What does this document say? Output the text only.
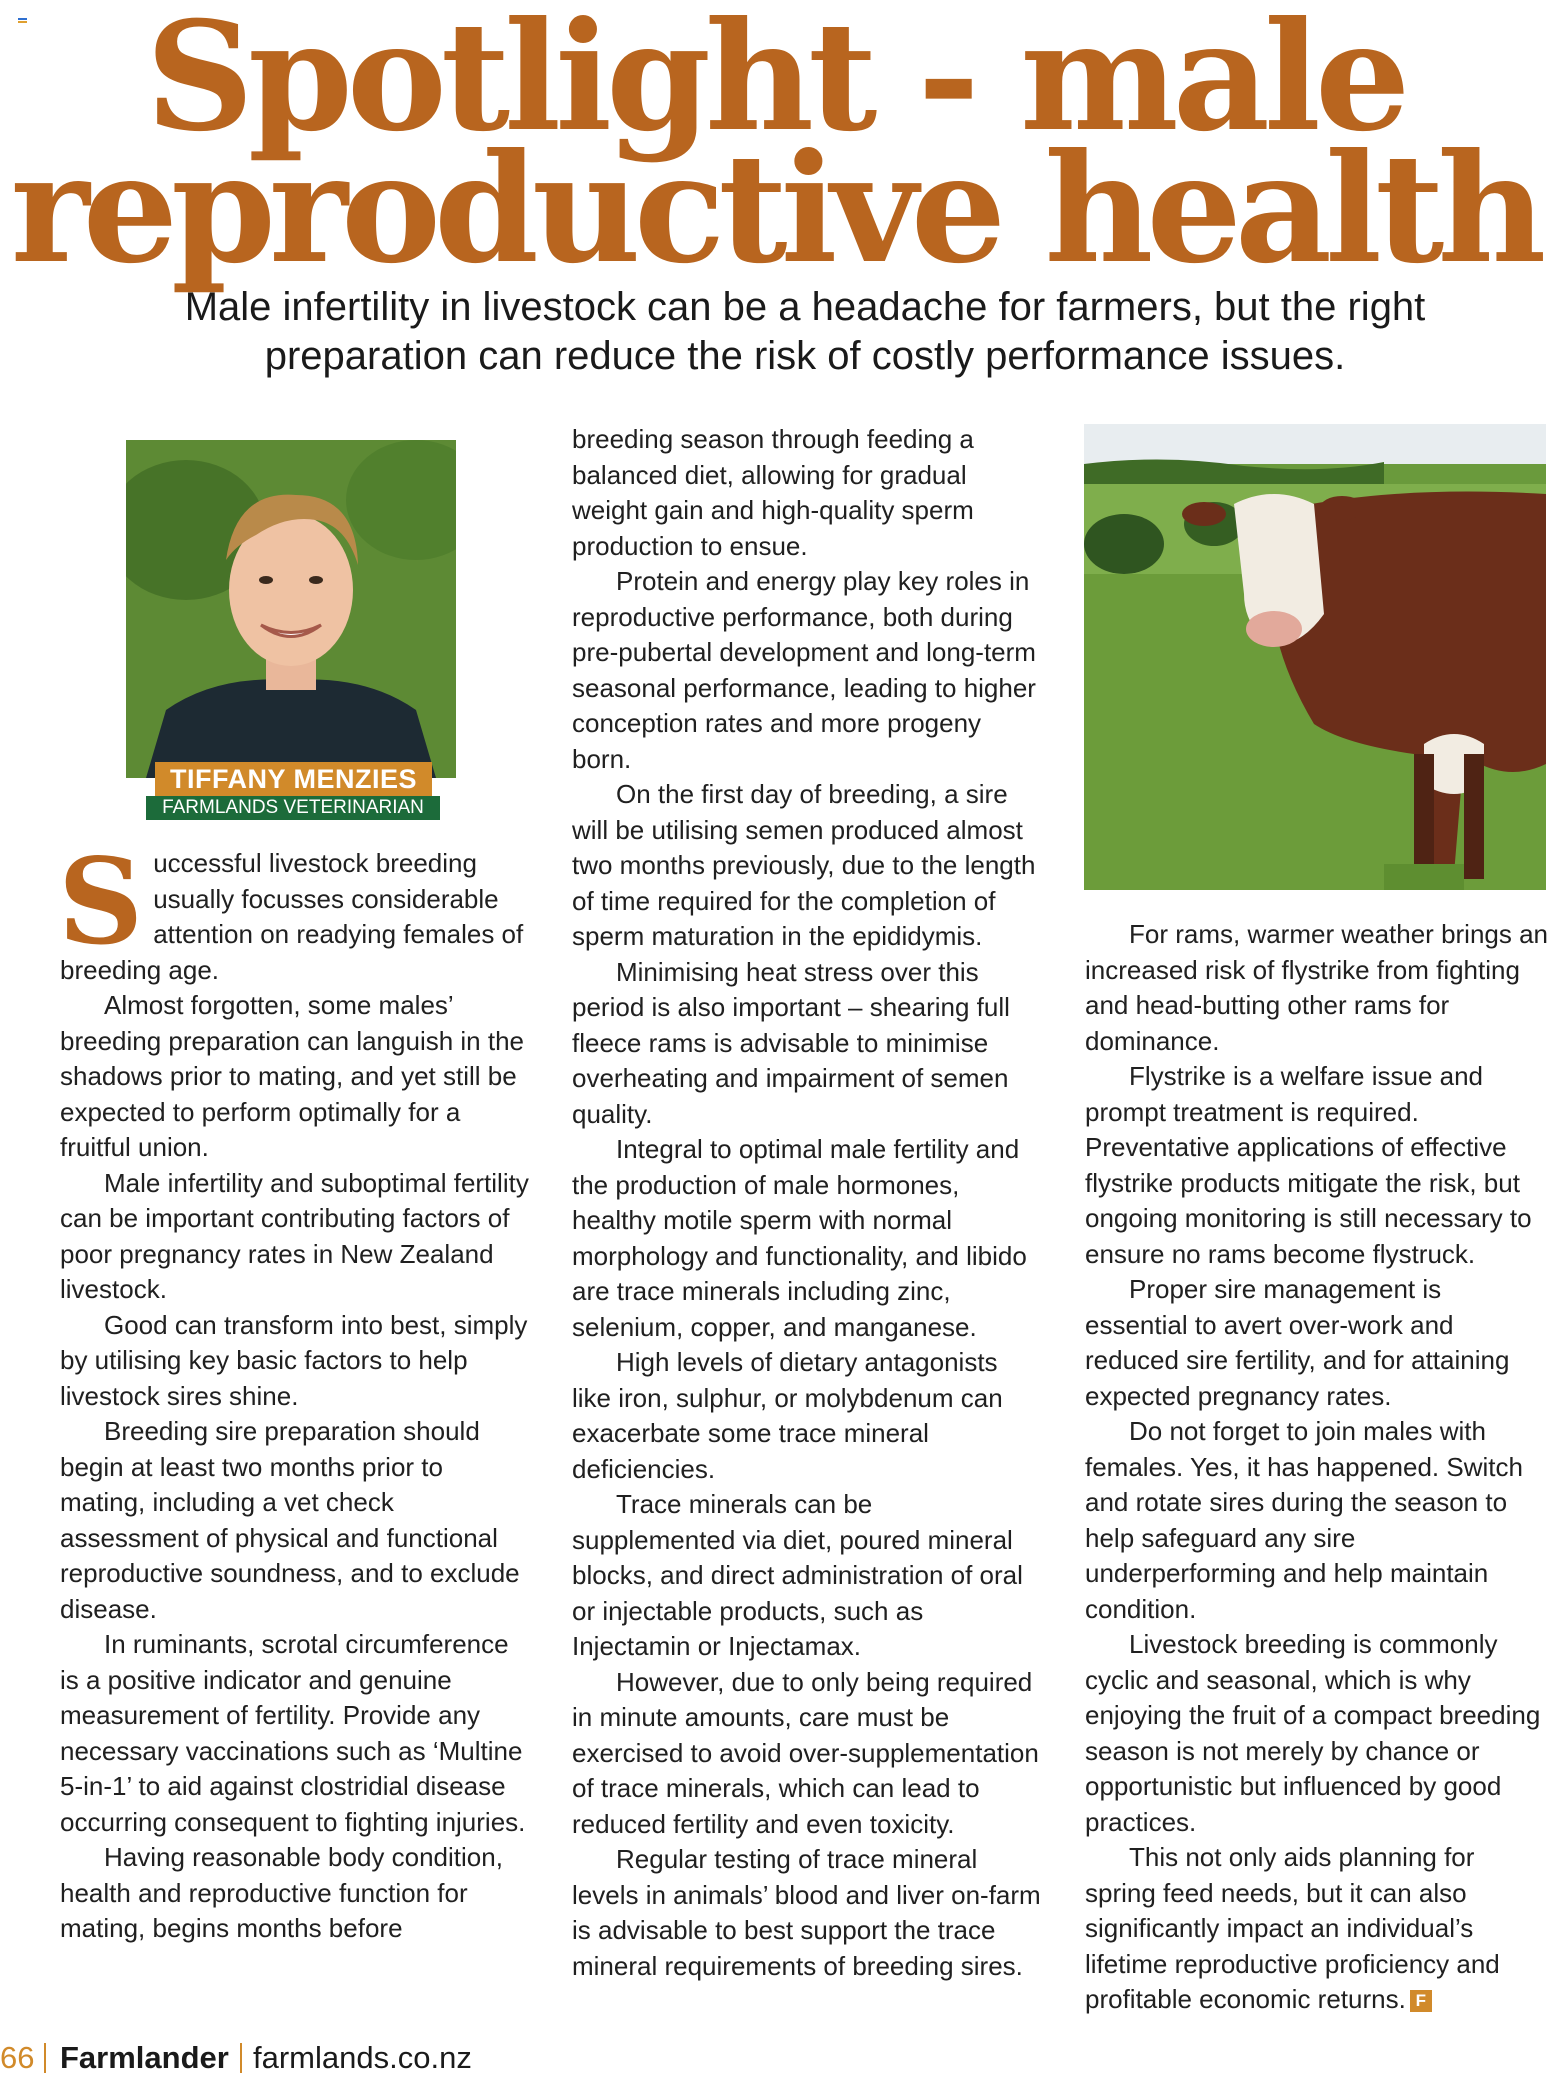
Spotlight - male
reproductive health
Male infertility in livestock can be a headache for farmers, but the right
preparation can reduce the risk of costly performance issues.
TIFFANY MENZIES
FARMLANDS VETERINARIAN
S uccessful livestock breeding usually focusses considerable attention on readying females of breeding age.

Almost forgotten, some males’ breeding preparation can languish in the shadows prior to mating, and yet still be expected to perform optimally for a fruitful union.

Male infertility and suboptimal fertility can be important contributing factors of poor pregnancy rates in New Zealand livestock.

Good can transform into best, simply by utilising key basic factors to help livestock sires shine.

Breeding sire preparation should begin at least two months prior to mating, including a vet check assessment of physical and functional reproductive soundness, and to exclude disease.

In ruminants, scrotal circumference is a positive indicator and genuine measurement of fertility. Provide any necessary vaccinations such as ‘Multine 5-in-1’ to aid against clostridial disease occurring consequent to fighting injuries.

Having reasonable body condition, health and reproductive function for mating, begins months before

breeding season through feeding a balanced diet, allowing for gradual weight gain and high-quality sperm production to ensue.

Protein and energy play key roles in reproductive performance, both during pre-pubertal development and long-term seasonal performance, leading to higher conception rates and more progeny born.

On the first day of breeding, a sire will be utilising semen produced almost two months previously, due to the length of time required for the completion of sperm maturation in the epididymis.

Minimising heat stress over this period is also important – shearing full fleece rams is advisable to minimise overheating and impairment of semen quality.

Integral to optimal male fertility and the production of male hormones, healthy motile sperm with normal morphology and functionality, and libido are trace minerals including zinc, selenium, copper, and manganese.

High levels of dietary antagonists like iron, sulphur, or molybdenum can exacerbate some trace mineral deficiencies.

Trace minerals can be supplemented via diet, poured mineral blocks, and direct administration of oral or injectable products, such as Injectamin or Injectamax.

However, due to only being required in minute amounts, care must be exercised to avoid over-supplementation of trace minerals, which can lead to reduced fertility and even toxicity.

Regular testing of trace mineral levels in animals’ blood and liver on-farm is advisable to best support the trace mineral requirements of breeding sires.

For rams, warmer weather brings an increased risk of flystrike from fighting and head-butting other rams for dominance.

Flystrike is a welfare issue and prompt treatment is required. Preventative applications of effective flystrike products mitigate the risk, but ongoing monitoring is still necessary to ensure no rams become flystruck.

Proper sire management is essential to avert over-work and reduced sire fertility, and for attaining expected pregnancy rates.

Do not forget to join males with females. Yes, it has happened. Switch and rotate sires during the season to help safeguard any sire underperforming and help maintain condition.

Livestock breeding is commonly cyclic and seasonal, which is why enjoying the fruit of a compact breeding season is not merely by chance or opportunistic but influenced by good practices.

This not only aids planning for spring feed needs, but it can also significantly impact an individual’s lifetime reproductive proficiency and profitable economic returns. F

66 Farmlander farmlands.co.nz
